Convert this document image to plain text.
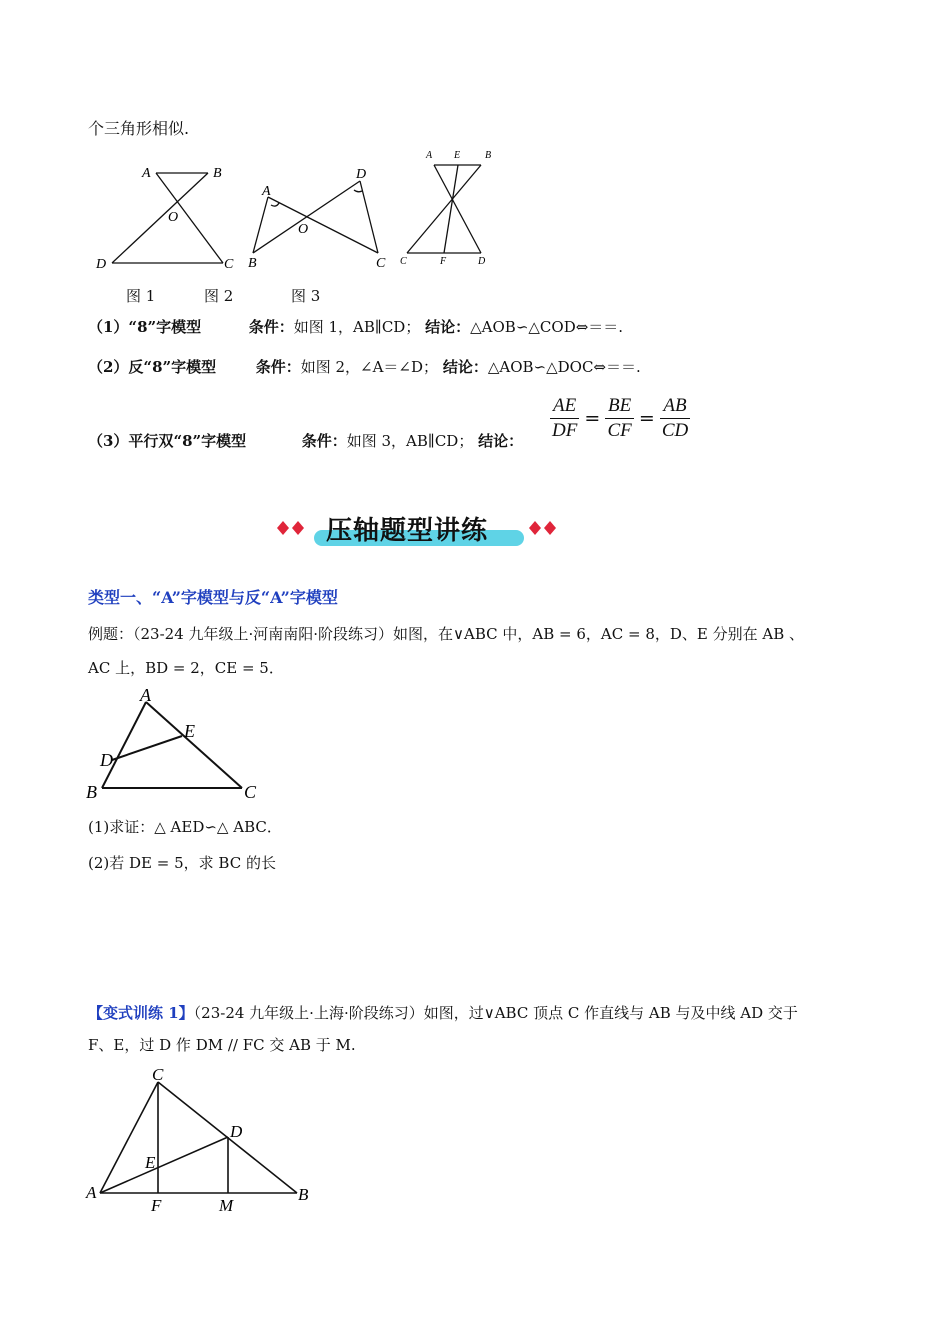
个三角形相似.
A	B
O
D	C
A
D
O
B	C
A E B
C	F	D
图 1	图 2	图 3
（1）“8”字模型	条件：如图 1，AB∥CD； 结论：△AOB∽△COD⇔＝＝.
（2）反“8”字模型	条件：如图 2，∠A＝∠D； 结论：△AOB∽△DOC⇔＝＝.
（3）平行双“8”字模型	条件：如图 3，AB∥CD； 结论： $\frac{AE}{DF} = \frac{BE}{CF} = \frac{AB}{CD}$
压轴题型讲练
类型一、“A”字模型与反“A”字模型
例题：（23-24 九年级上·河南南阳·阶段练习）如图，在∨ABC 中，AB = 6，AC = 8，D、E 分别在 AB 、
AC 上，BD = 2，CE = 5．
A
E
D
B	C
(1)求证：△ AED∽△ ABC．
(2)若 DE = 5，求 BC 的长
【变式训练 1】（23-24 九年级上·上海·阶段练习）如图，过∨ABC 顶点 C 作直线与 AB 与及中线 AD 交于
F、E，过 D 作 DM // FC 交 AB 于 M.
C
D
E
A
F	M
B
